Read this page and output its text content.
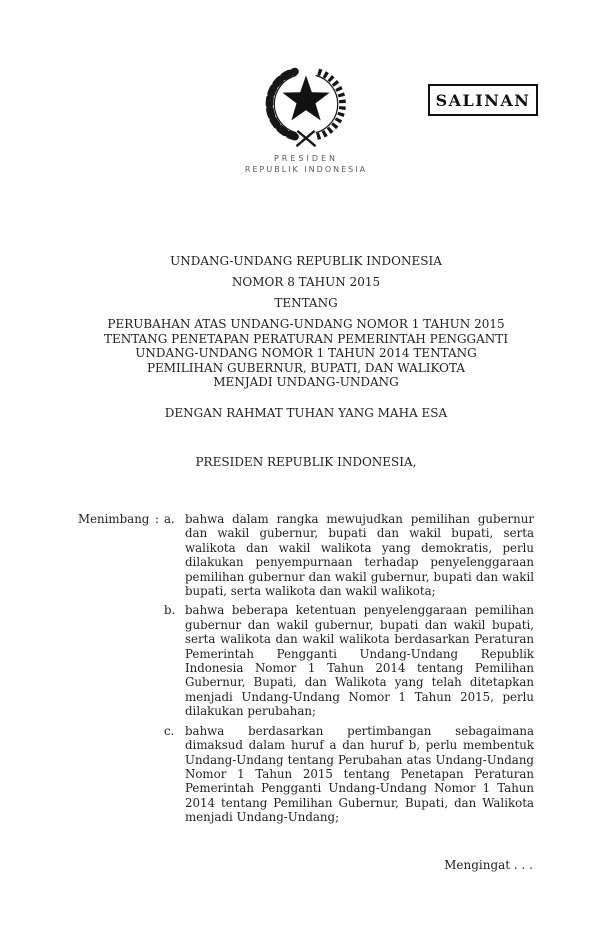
SALINAN
PRESIDEN
REPUBLIK INDONESIA
UNDANG-UNDANG REPUBLIK INDONESIA
NOMOR 8 TAHUN 2015
TENTANG
PERUBAHAN ATAS UNDANG-UNDANG NOMOR 1 TAHUN 2015
TENTANG PENETAPAN PERATURAN PEMERINTAH PENGGANTI
UNDANG-UNDANG NOMOR 1 TAHUN 2014 TENTANG
PEMILIHAN GUBERNUR, BUPATI, DAN WALIKOTA
MENJADI UNDANG-UNDANG
DENGAN RAHMAT TUHAN YANG MAHA ESA
PRESIDEN REPUBLIK INDONESIA,
Menimbang : a. bahwa dalam rangka mewujudkan pemilihan gubernur dan wakil gubernur, bupati dan wakil bupati, serta walikota dan wakil walikota yang demokratis, perlu dilakukan penyempurnaan terhadap penyelenggaraan pemilihan gubernur dan wakil gubernur, bupati dan wakil bupati, serta walikota dan wakil walikota;
b. bahwa beberapa ketentuan penyelenggaraan pemilihan gubernur dan wakil gubernur, bupati dan wakil bupati, serta walikota dan wakil walikota berdasarkan Peraturan Pemerintah Pengganti Undang-Undang Republik Indonesia Nomor 1 Tahun 2014 tentang Pemilihan Gubernur, Bupati, dan Walikota yang telah ditetapkan menjadi Undang-Undang Nomor 1 Tahun 2015, perlu dilakukan perubahan;
c. bahwa berdasarkan pertimbangan sebagaimana dimaksud dalam huruf a dan huruf b, perlu membentuk Undang-Undang tentang Perubahan atas Undang-Undang Nomor 1 Tahun 2015 tentang Penetapan Peraturan Pemerintah Pengganti Undang-Undang Nomor 1 Tahun 2014 tentang Pemilihan Gubernur, Bupati, dan Walikota menjadi Undang-Undang;
Mengingat . . .
